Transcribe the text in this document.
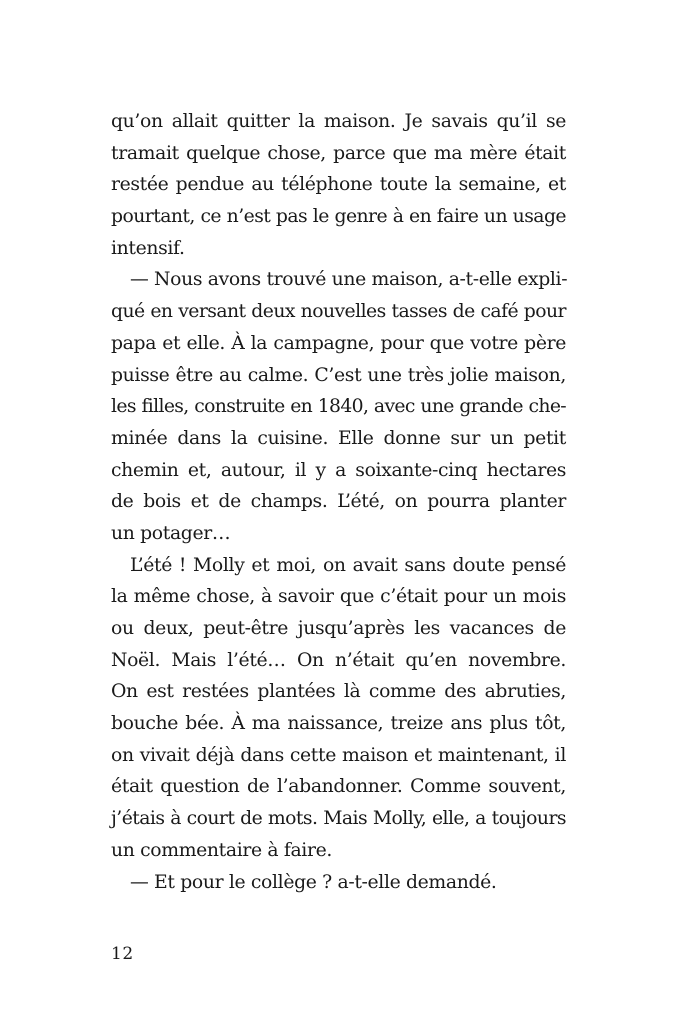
qu’on allait quitter la maison. Je savais qu’il se
tramait quelque chose, parce que ma mère était
restée pendue au téléphone toute la semaine, et
pourtant, ce n’est pas le genre à en faire un usage
intensif.
— Nous avons trouvé une maison, a-t-elle expli-
qué en versant deux nouvelles tasses de café pour
papa et elle. À la campagne, pour que votre père
puisse être au calme. C’est une très jolie maison,
les filles, construite en 1840, avec une grande che-
minée dans la cuisine. Elle donne sur un petit
chemin et, autour, il y a soixante-cinq hectares
de bois et de champs. L’été, on pourra planter
un potager…
L’été ! Molly et moi, on avait sans doute pensé
la même chose, à savoir que c’était pour un mois
ou deux, peut-être jusqu’après les vacances de
Noël. Mais l’été… On n’était qu’en novembre.
On est restées plantées là comme des abruties,
bouche bée. À ma naissance, treize ans plus tôt,
on vivait déjà dans cette maison et maintenant, il
était question de l’abandonner. Comme souvent,
j’étais à court de mots. Mais Molly, elle, a toujours
un commentaire à faire.
— Et pour le collège ? a-t-elle demandé.
12
